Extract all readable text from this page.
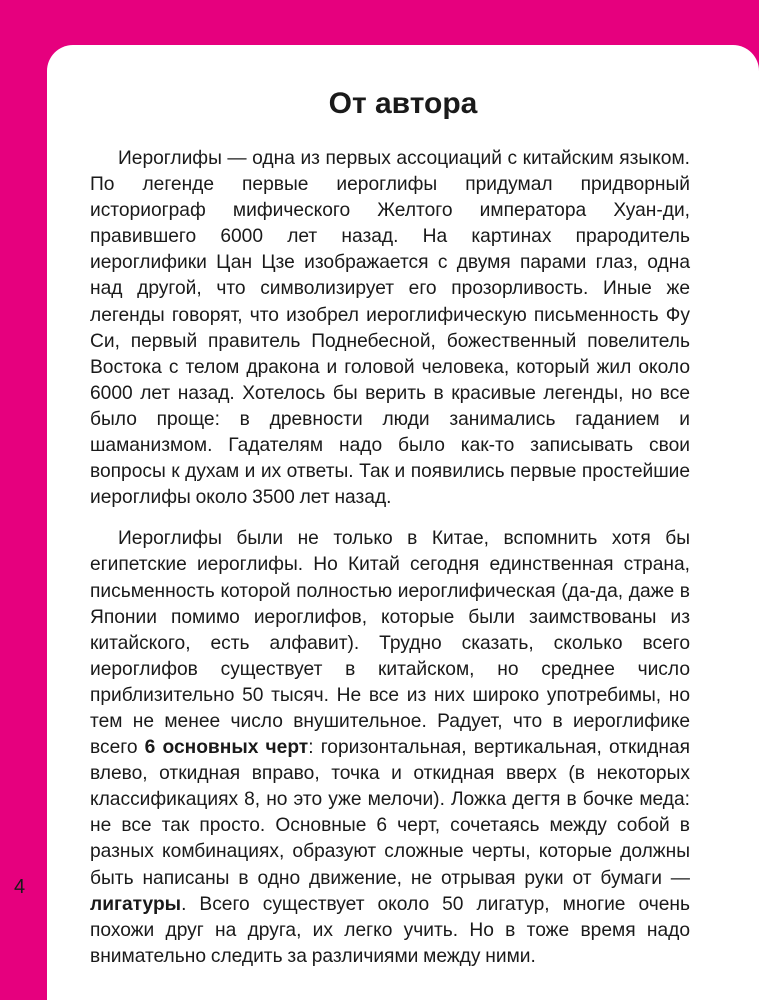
От автора

Иероглифы — одна из первых ассоциаций с китайским языком. По легенде первые иероглифы придумал придворный историограф мифического Желтого императора Хуан-ди, правившего 6000 лет назад. На картинах прародитель иероглифики Цан Цзе изображается с двумя парами глаз, одна над другой, что символизирует его прозорливость. Иные же легенды говорят, что изобрел иероглифическую письменность Фу Си, первый правитель Поднебесной, божественный повелитель Востока с телом дракона и головой человека, который жил около 6000 лет назад. Хотелось бы верить в красивые легенды, но все было проще: в древности люди занимались гаданием и шаманизмом. Гадателям надо было как-то записывать свои вопросы к духам и их ответы. Так и появились первые простейшие иероглифы около 3500 лет назад.

Иероглифы были не только в Китае, вспомнить хотя бы египетские иероглифы. Но Китай сегодня единственная страна, письменность которой полностью иероглифическая (да-да, даже в Японии помимо иероглифов, которые были заимствованы из китайского, есть алфавит). Трудно сказать, сколько всего иероглифов существует в китайском, но среднее число приблизительно 50 тысяч. Не все из них широко употребимы, но тем не менее число внушительное. Радует, что в иероглифике всего 6 основных черт: горизонтальная, вертикальная, откидная влево, откидная вправо, точка и откидная вверх (в некоторых классификациях 8, но это уже мелочи). Ложка дегтя в бочке меда: не все так просто. Основные 6 черт, сочетаясь между собой в разных комбинациях, образуют сложные черты, которые должны быть написаны в одно движение, не отрывая руки от бумаги — лигатуры. Всего существует около 50 лигатур, многие очень похожи друг на друга, их легко учить. Но в тоже время надо внимательно следить за различиями между ними.

4
